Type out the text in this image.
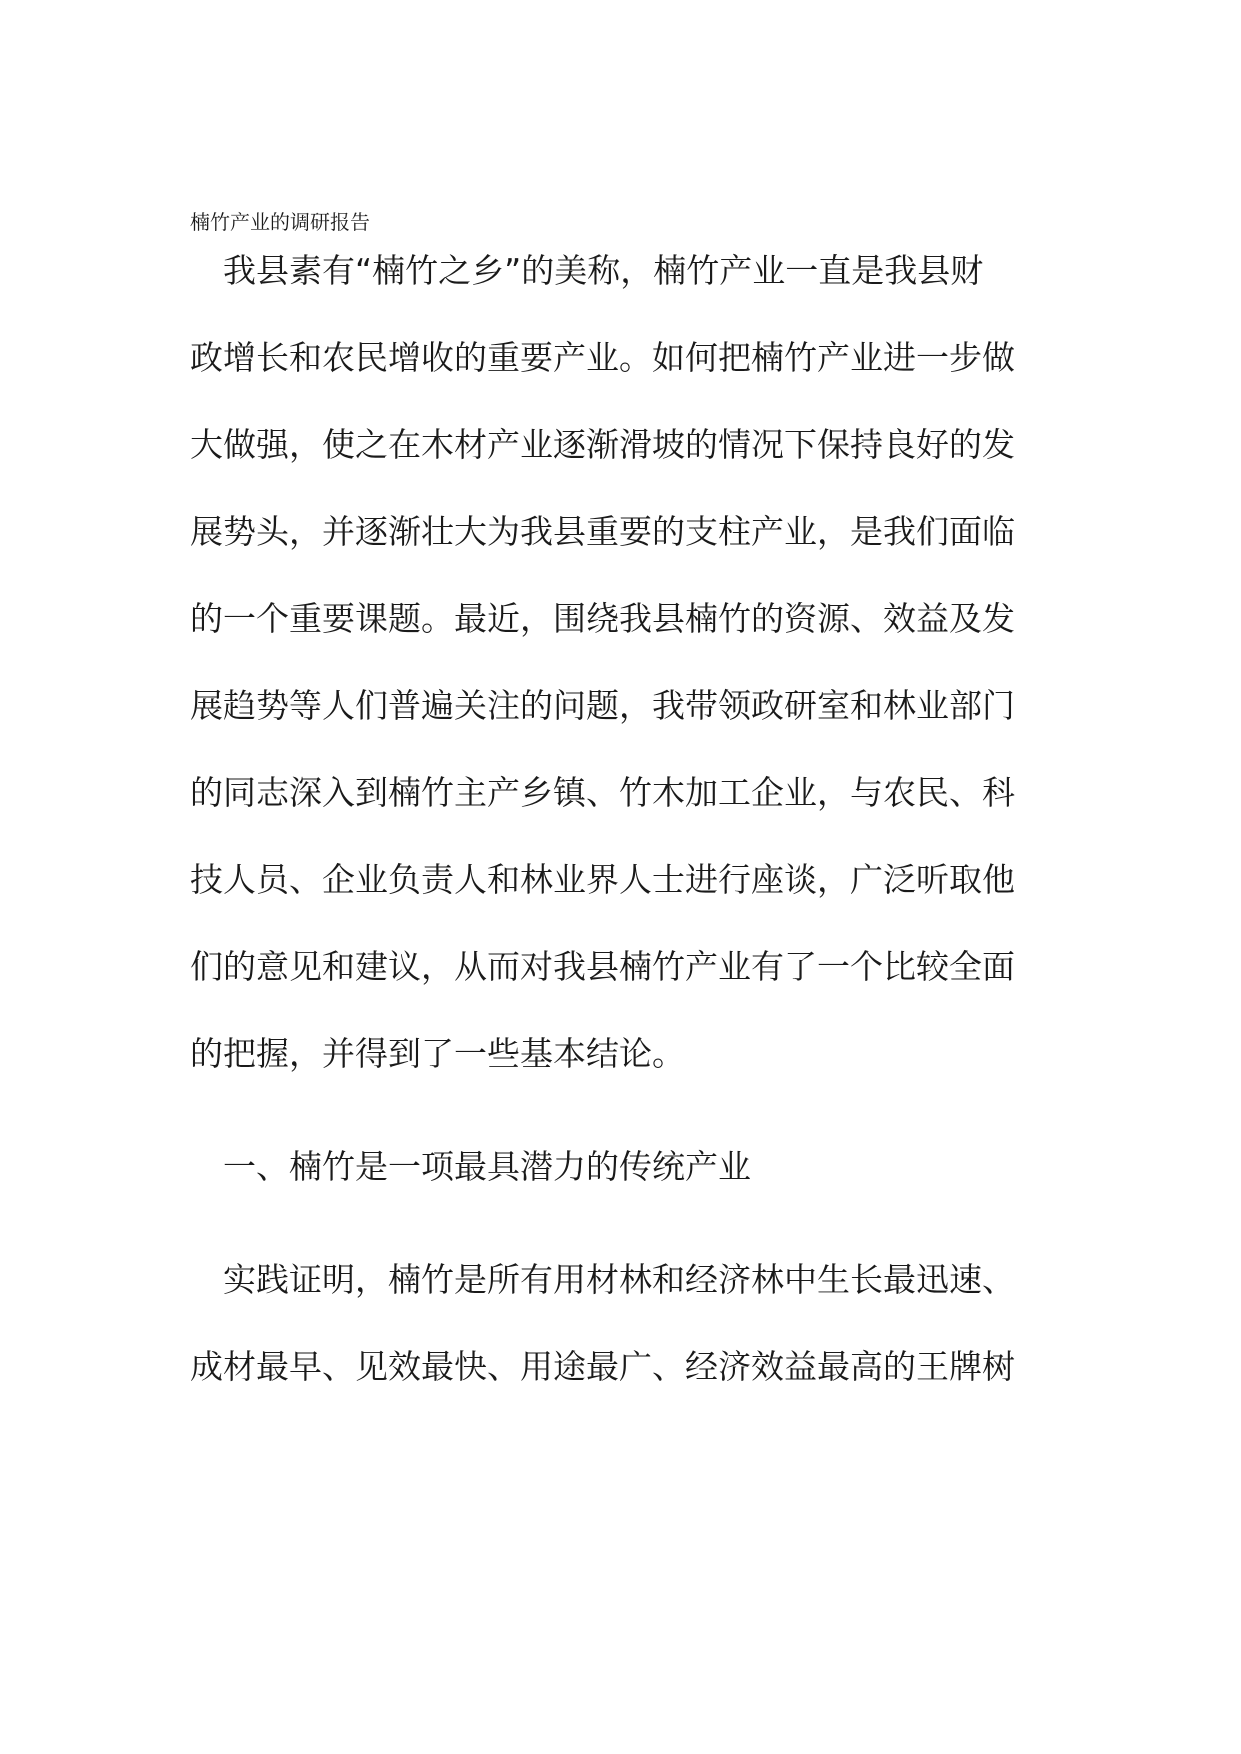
楠竹产业的调研报告
　我县素有“楠竹之乡”的美称，楠竹产业一直是我县财
政增长和农民增收的重要产业。如何把楠竹产业进一步做
大做强，使之在木材产业逐渐滑坡的情况下保持良好的发
展势头，并逐渐壮大为我县重要的支柱产业，是我们面临
的一个重要课题。最近，围绕我县楠竹的资源、效益及发
展趋势等人们普遍关注的问题，我带领政研室和林业部门
的同志深入到楠竹主产乡镇、竹木加工企业，与农民、科
技人员、企业负责人和林业界人士进行座谈，广泛听取他
们的意见和建议，从而对我县楠竹产业有了一个比较全面
的把握，并得到了一些基本结论。
　一、楠竹是一项最具潜力的传统产业
　实践证明，楠竹是所有用材林和经济林中生长最迅速、
成材最早、见效最快、用途最广、经济效益最高的王牌树
